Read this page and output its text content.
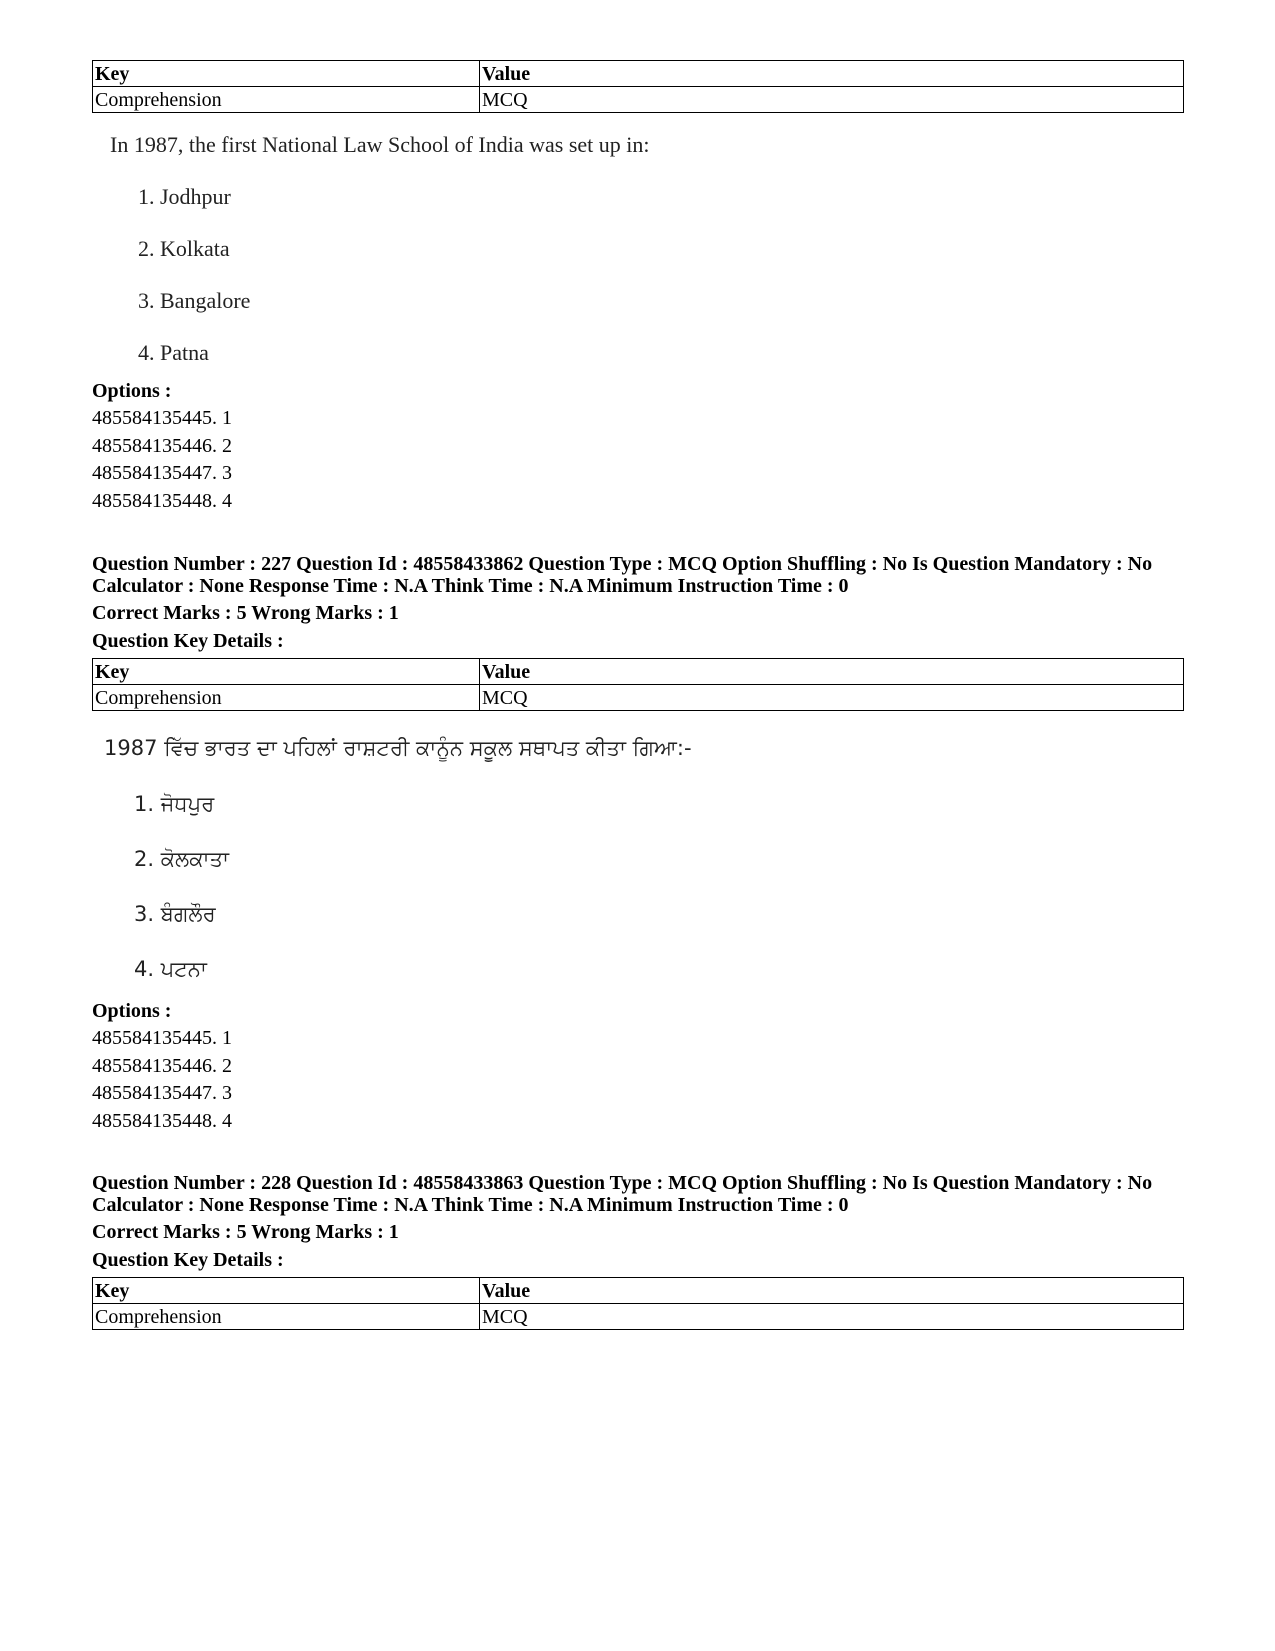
Key	Value
Comprehension	MCQ
In 1987, the first National Law School of India was set up in:
1. Jodhpur
2. Kolkata
3. Bangalore
4. Patna
Options :
485584135445. 1
485584135446. 2
485584135447. 3
485584135448. 4
Question Number : 227 Question Id : 48558433862 Question Type : MCQ Option Shuffling : No Is Question Mandatory : No Calculator : None Response Time : N.A Think Time : N.A Minimum Instruction Time : 0
Correct Marks : 5 Wrong Marks : 1
Question Key Details :
Key	Value
Comprehension	MCQ
1987 ਵਿੱਚ ਭਾਰਤ ਦਾ ਪਹਿਲਾਂ ਰਾਸ਼ਟਰੀ ਕਾਨੂੰਨ ਸਕੂਲ ਸਥਾਪਤ ਕੀਤਾ ਗਿਆ:-
1. ਜੋਧਪੁਰ
2. ਕੋਲਕਾਤਾ
3. ਬੰਗਲੌਰ
4. ਪਟਨਾ
Options :
485584135445. 1
485584135446. 2
485584135447. 3
485584135448. 4
Question Number : 228 Question Id : 48558433863 Question Type : MCQ Option Shuffling : No Is Question Mandatory : No Calculator : None Response Time : N.A Think Time : N.A Minimum Instruction Time : 0
Correct Marks : 5 Wrong Marks : 1
Question Key Details :
Key	Value
Comprehension	MCQ
